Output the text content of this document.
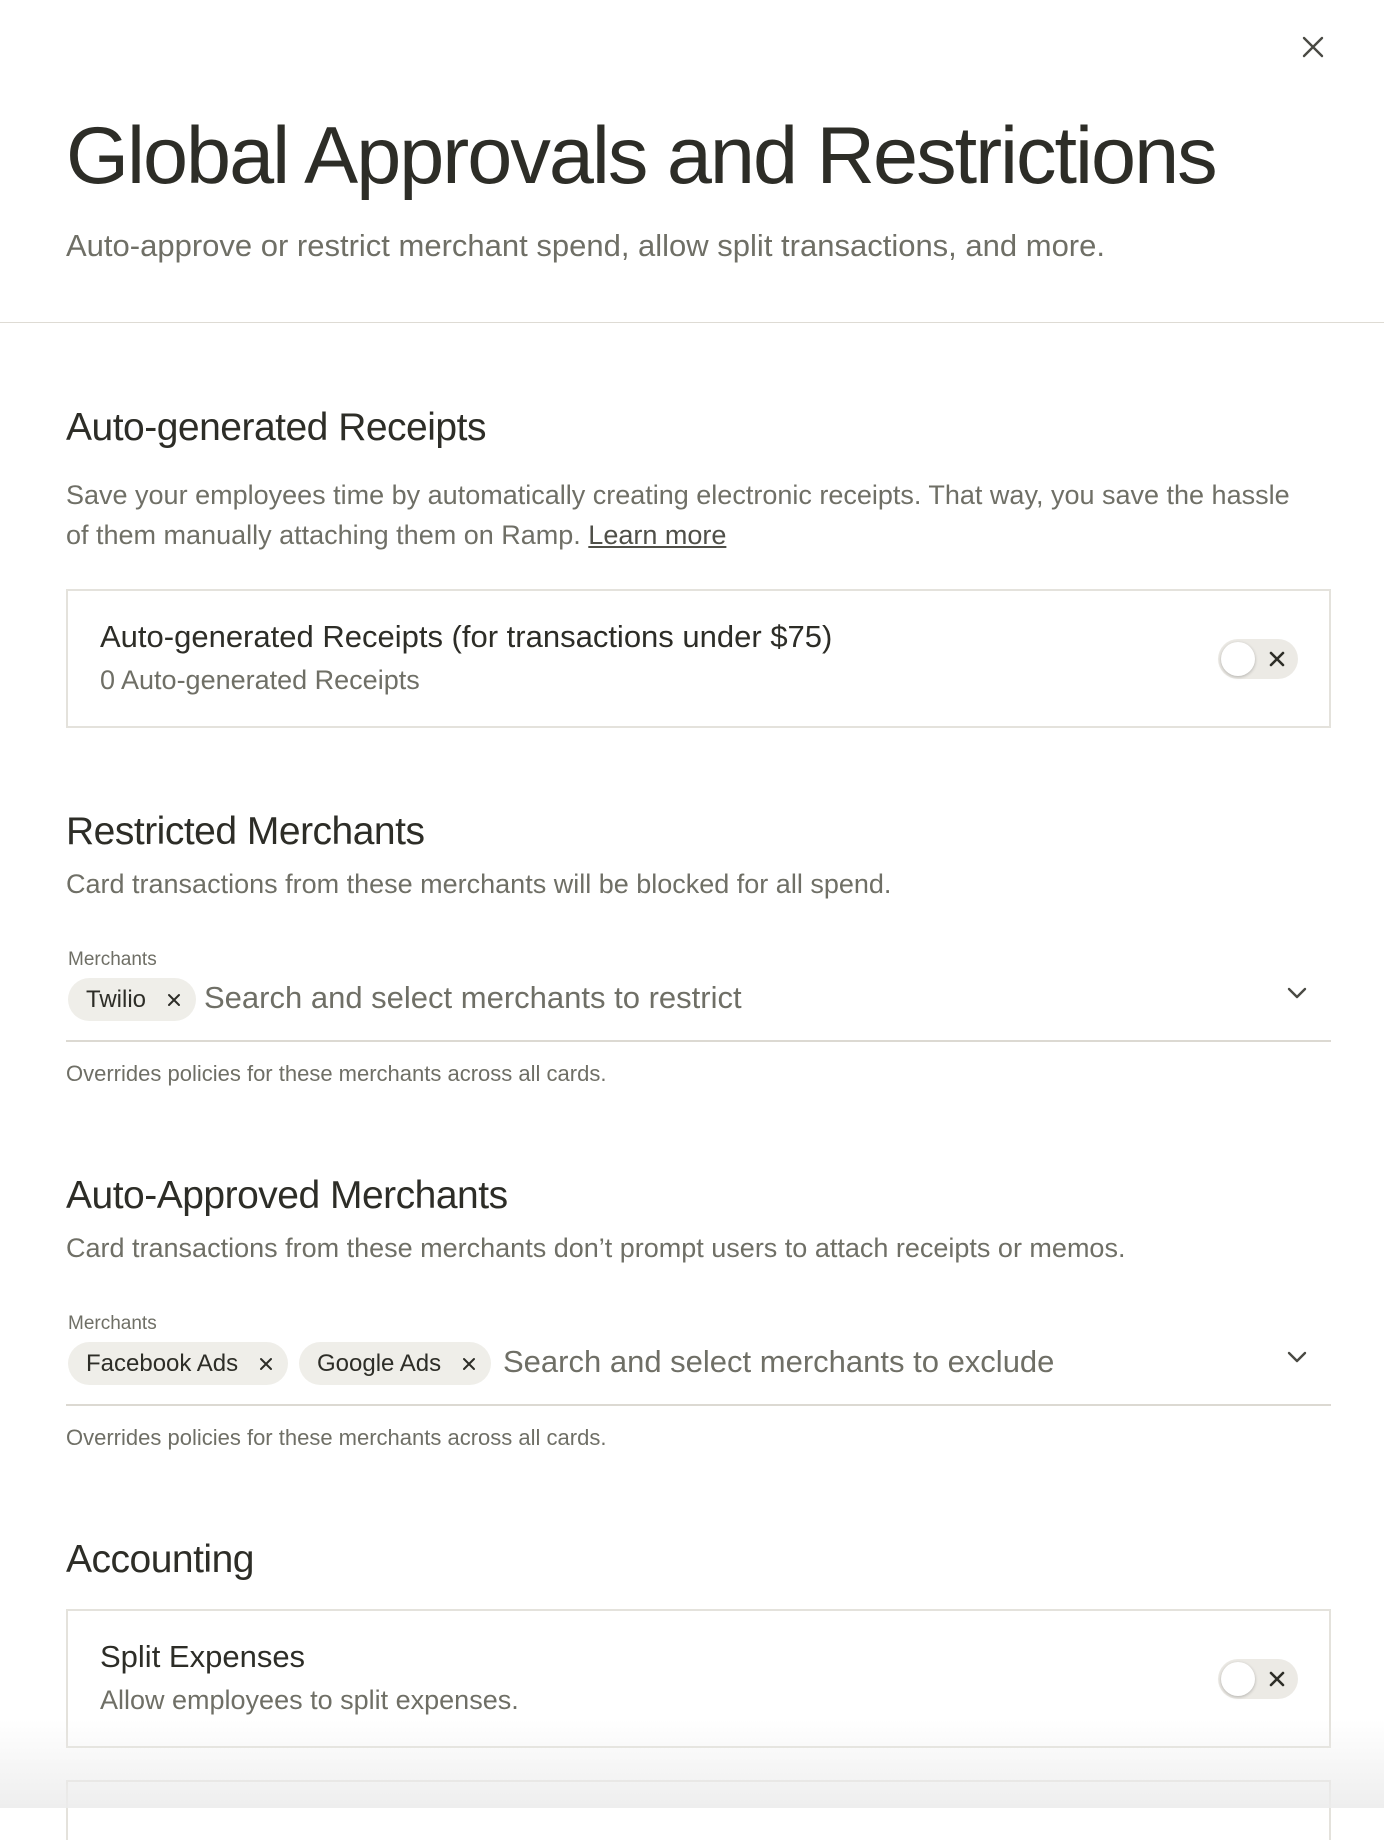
Global Approvals and Restrictions

Auto-approve or restrict merchant spend, allow split transactions, and more.

Auto-generated Receipts
Save your employees time by automatically creating electronic receipts. That way, you save the hassle
of them manually attaching them on Ramp. Learn more
Auto-generated Receipts (for transactions under $75)
0 Auto-generated Receipts
Restricted Merchants
Card transactions from these merchants will be blocked for all spend.
Merchants
Twilio Search and select merchants to restrict
Overrides policies for these merchants across all cards.
Auto-Approved Merchants
Card transactions from these merchants don’t prompt users to attach receipts or memos.
Merchants
Facebook Ads	Google Ads Search and select merchants to exclude
Overrides policies for these merchants across all cards.
Accounting
Split Expenses
Allow employees to split expenses.
